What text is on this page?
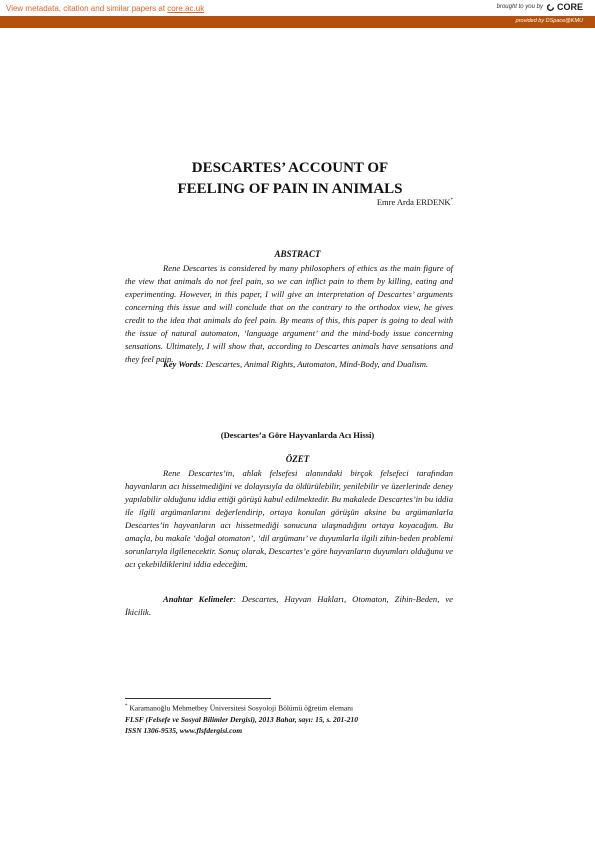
View metadata, citation and similar papers at core.ac.uk	brought to you by CORE
provided by DSpace@KMU
DESCARTES’ ACCOUNT OF
FEELING OF PAIN IN ANIMALS
Emre Arda ERDENK*
ABSTRACT
Rene Descartes is considered by many philosophers of ethics as the main figure of the view that animals do not feel pain, so we can inflict pain to them by killing, eating and experimenting. However, in this paper, I will give an interpretation of Descartes’ arguments concerning this issue and will conclude that on the contrary to the orthodox view, he gives credit to the idea that animals do feel pain. By means of this, this paper is going to deal with the issue of natural automaton, ‘language argument’ and the mind-body issue concerning sensations. Ultimately, I will show that, according to Descartes animals have sensations and they feel pain.
Key Words: Descartes, Animal Rights, Automaton, Mind-Body, and Dualism.
(Descartes’a Göre Hayvanlarda Acı Hissi)
ÖZET
Rene Descartes’in, ahlak felsefesi alanındaki birçok felsefeci tarafından hayvanların acı hissetmediğini ve dolayısıyla da öldürülebilir, yenilebilir ve üzerlerinde deney yapılabilir olduğunu iddia ettiği görüşü kabul edilmektedir. Bu makalede Descartes’in bu iddia ile ilgili argümanlarını değerlendirip, ortaya konulan görüşün aksine bu argümanlarla Descartes’in hayvanların acı hissetmediği sonucuna ulaşmadığını ortaya koyacağım. Bu amaçla, bu makale ‘doğal otomaton’, ‘dil argümanı’ ve duyumlarla ilgili zihin-beden problemi sorunlarıyla ilgilenecektir. Sonuç olarak, Descartes’e göre hayvanların duyumları olduğunu ve acı çekebildiklerini iddia edeceğim.
Anahtar Kelimeler: Descartes, Hayvan Hakları, Otomaton, Zihin-Beden, ve İkicilik.
* Karamanoğlu Mehmetbey Üniversitesi Sosyoloji Bölümü öğretim elemanı
FLSF (Felsefe ve Sosyal Bilimler Dergisi), 2013 Bahar, sayı: 15, s. 201-210
ISSN 1306-9535, www.flsfdergisi.com
